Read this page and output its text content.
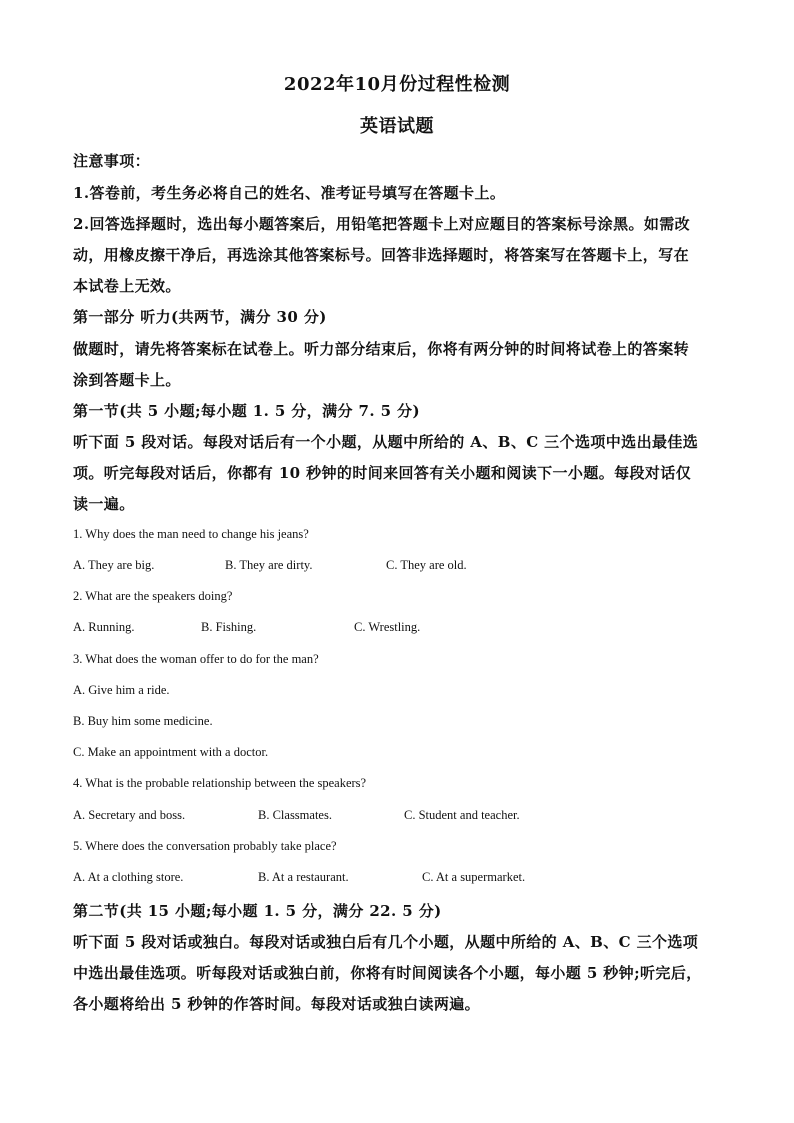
2022年10月份过程性检测
英语试题
注意事项：
1.答卷前，考生务必将自己的姓名、准考证号填写在答题卡上。
2.回答选择题时，选出每小题答案后，用铅笔把答题卡上对应题目的答案标号涂黑。如需改
动，用橡皮擦干净后，再选涂其他答案标号。回答非选择题时，将答案写在答题卡上，写在
本试卷上无效。
第一部分 听力(共两节，满分 30 分)
做题时，请先将答案标在试卷上。听力部分结束后，你将有两分钟的时间将试卷上的答案转
涂到答题卡上。
第一节(共 5 小题;每小题 1. 5 分，满分 7. 5 分)
听下面 5 段对话。每段对话后有一个小题，从题中所给的 A、B、C 三个选项中选出最佳选
项。听完每段对话后，你都有 10 秒钟的时间来回答有关小题和阅读下一小题。每段对话仅
读一遍。
1. Why does the man need to change his jeans?
A. They are big.	B. They are dirty.	C. They are old.
2. What are the speakers doing?
A. Running.	B. Fishing.	C. Wrestling.
3. What does the woman offer to do for the man?
A. Give him a ride.
B. Buy him some medicine.
C. Make an appointment with a doctor.
4. What is the probable relationship between the speakers?
A. Secretary and boss.	B. Classmates.	C. Student and teacher.
5. Where does the conversation probably take place?
A. At a clothing store.	B. At a restaurant.	C. At a supermarket.
第二节(共 15 小题;每小题 1. 5 分，满分 22. 5 分)
听下面 5 段对话或独白。每段对话或独白后有几个小题，从题中所给的 A、B、C 三个选项
中选出最佳选项。听每段对话或独白前，你将有时间阅读各个小题，每小题 5 秒钟;听完后，
各小题将给出 5 秒钟的作答时间。每段对话或独白读两遍。
